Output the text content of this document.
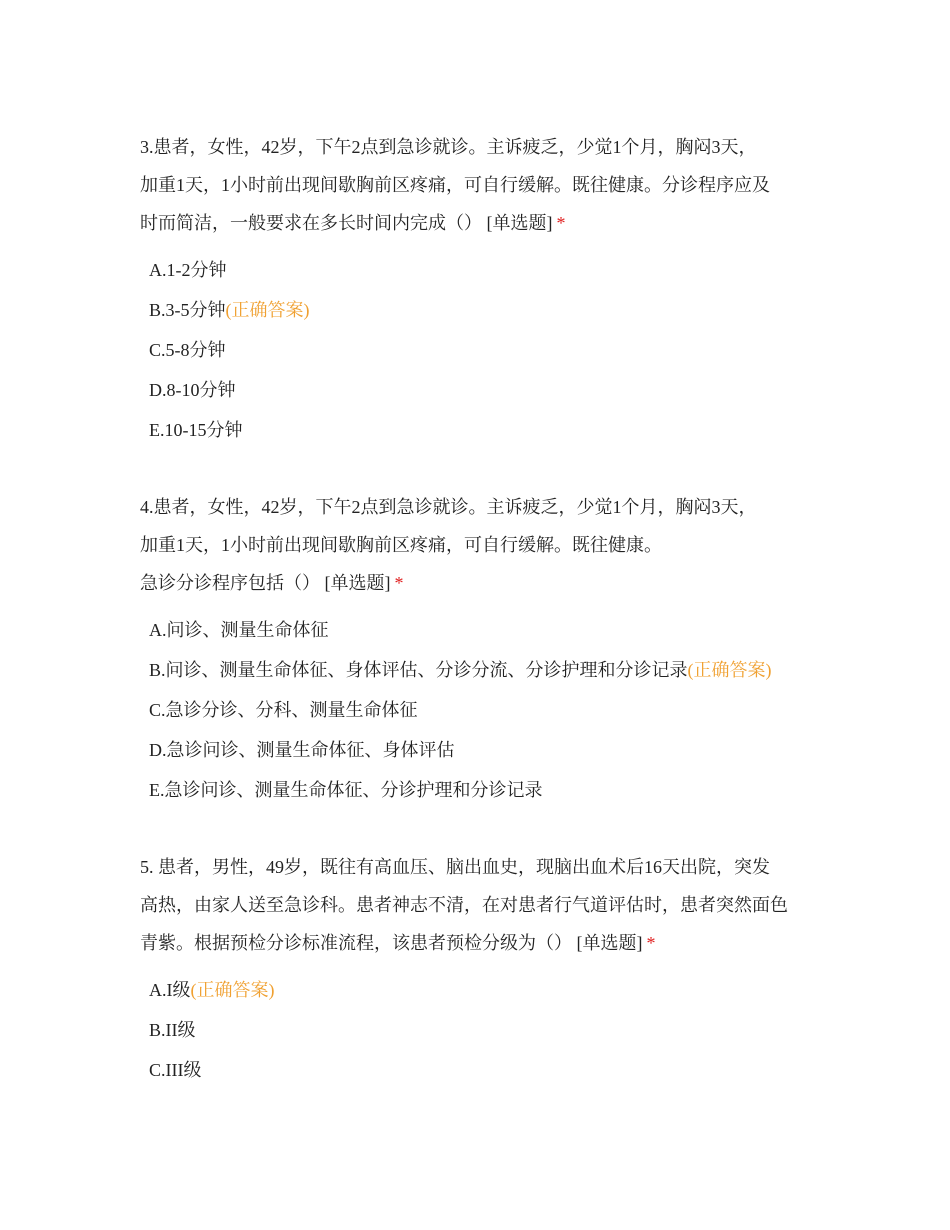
3.患者，女性，42岁，下午2点到急诊就诊。主诉疲乏，少觉1个月，胸闷3天，
加重1天，1小时前出现间歇胸前区疼痛，可自行缓解。既往健康。分诊程序应及
时而简洁，一般要求在多长时间内完成（） [单选题] *

A.1-2分钟
B.3-5分钟(正确答案)
C.5-8分钟
D.8-10分钟
E.10-15分钟

4.患者，女性，42岁，下午2点到急诊就诊。主诉疲乏，少觉1个月，胸闷3天，
加重1天，1小时前出现间歇胸前区疼痛，可自行缓解。既往健康。
急诊分诊程序包括（） [单选题] *

A.问诊、测量生命体征
B.问诊、测量生命体征、身体评估、分诊分流、分诊护理和分诊记录(正确答案)
C.急诊分诊、分科、测量生命体征
D.急诊问诊、测量生命体征、身体评估
E.急诊问诊、测量生命体征、分诊护理和分诊记录

5. 患者，男性，49岁，既往有高血压、脑出血史，现脑出血术后16天出院，突发
高热，由家人送至急诊科。患者神志不清，在对患者行气道评估时，患者突然面色
青紫。根据预检分诊标准流程，该患者预检分级为（） [单选题] *

A.I级(正确答案)
B.II级
C.III级
